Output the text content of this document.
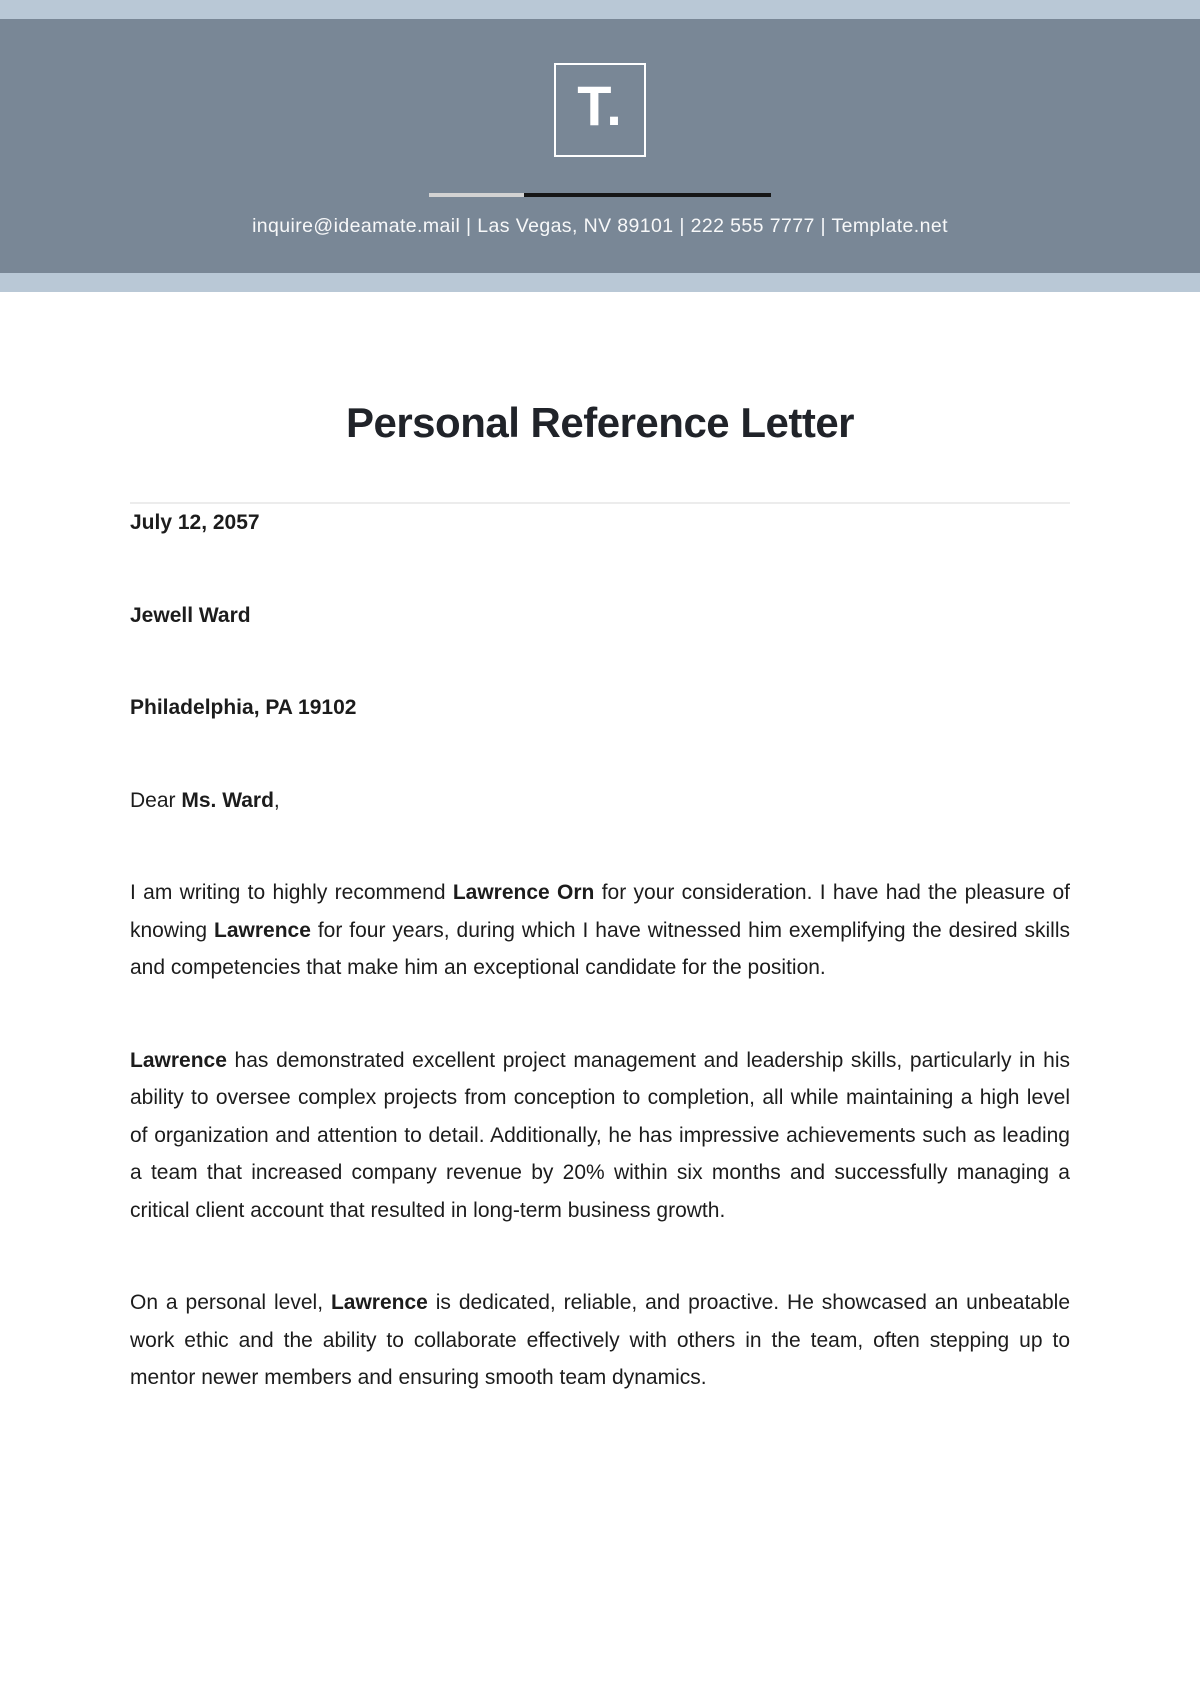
T.
inquire@ideamate.mail | Las Vegas, NV 89101 | 222 555 7777 | Template.net
Personal Reference Letter

July 12, 2057

Jewell Ward

Philadelphia, PA 19102

Dear Ms. Ward,

I am writing to highly recommend Lawrence Orn for your consideration. I have had the pleasure of knowing Lawrence for four years, during which I have witnessed him exemplifying the desired skills and competencies that make him an exceptional candidate for the position.

Lawrence has demonstrated excellent project management and leadership skills, particularly in his ability to oversee complex projects from conception to completion, all while maintaining a high level of organization and attention to detail. Additionally, he has impressive achievements such as leading a team that increased company revenue by 20% within six months and successfully managing a critical client account that resulted in long-term business growth.

On a personal level, Lawrence is dedicated, reliable, and proactive. He showcased an unbeatable work ethic and the ability to collaborate effectively with others in the team, often stepping up to mentor newer members and ensuring smooth team dynamics.
